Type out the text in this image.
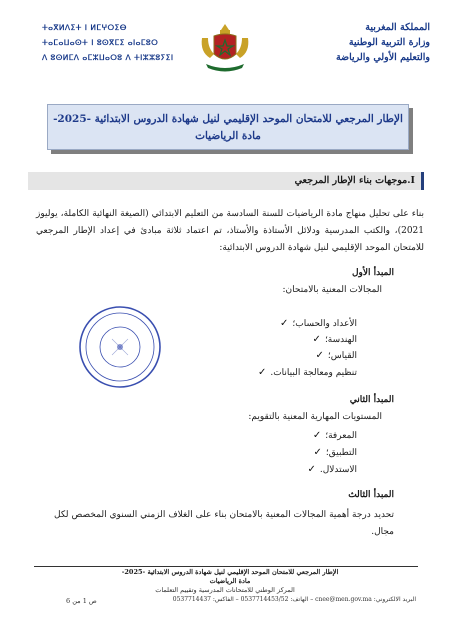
ⵜⴰⴳⵍⴷⵉⵜ ⵏ ⵍⵎⵖⵔⵉⴱ
ⵜⴰⵎⴰⵡⴰⵙⵜ ⵏ ⵓⵙⴳⵎⵉ ⴰⵏⴰⵎⵓⵔ
ⴷ ⵓⵙⵍⵎⴷ ⴰⵎⵣⵡⴰⵔⵓ ⴷ ⵜⵏⵣⵣⵓⵢⵉⵏ
المملكة المغربية
وزارة التربية الوطنية
والتعليم الأولي والرياضة
الإطار المرجعي للامتحان الموحد الإقليمي لنيل شهادة الدروس الابتدائية -2025-
مادة الرياضيات
I.موجهات بناء الإطار المرجعي
بناء على تحليل منهاج مادة الرياضيات للسنة السادسة من التعليم الابتدائي (الصيغة النهائية الكاملة، يوليوز 2021)، والكتب المدرسية ودلائل الأستاذة والأستاذ، تم اعتماد ثلاثة مبادئ في إعداد الإطار المرجعي للامتحان الموحد الإقليمي لنيل شهادة الدروس الابتدائية:
المبدأ الأول
المجالات المعنية بالامتحان:
✓ الأعداد والحساب؛
✓ الهندسة؛
✓ القياس؛
✓ تنظيم ومعالجة البيانات.
المبدأ الثاني
المستويات المهارية المعنية بالتقويم:
✓ المعرفة؛
✓ التطبيق؛
✓ الاستدلال.
المبدأ الثالث
تحديد درجة أهمية المجالات المعنية بالامتحان بناء على الغلاف الزمني السنوي المخصص لكل مجال.
الإطار المرجعي للامتحان الموحد الإقليمي لنيل شهادة الدروس الابتدائية -2025-
مادة الرياضيات
المركز الوطني للامتحانات المدرسية وتقييم التعلمات
البريد الالكتروني: cnee@men.gov.ma – الهاتف: 0537714453/52 – الفاكس: 0537714437
ص 1 من 6
